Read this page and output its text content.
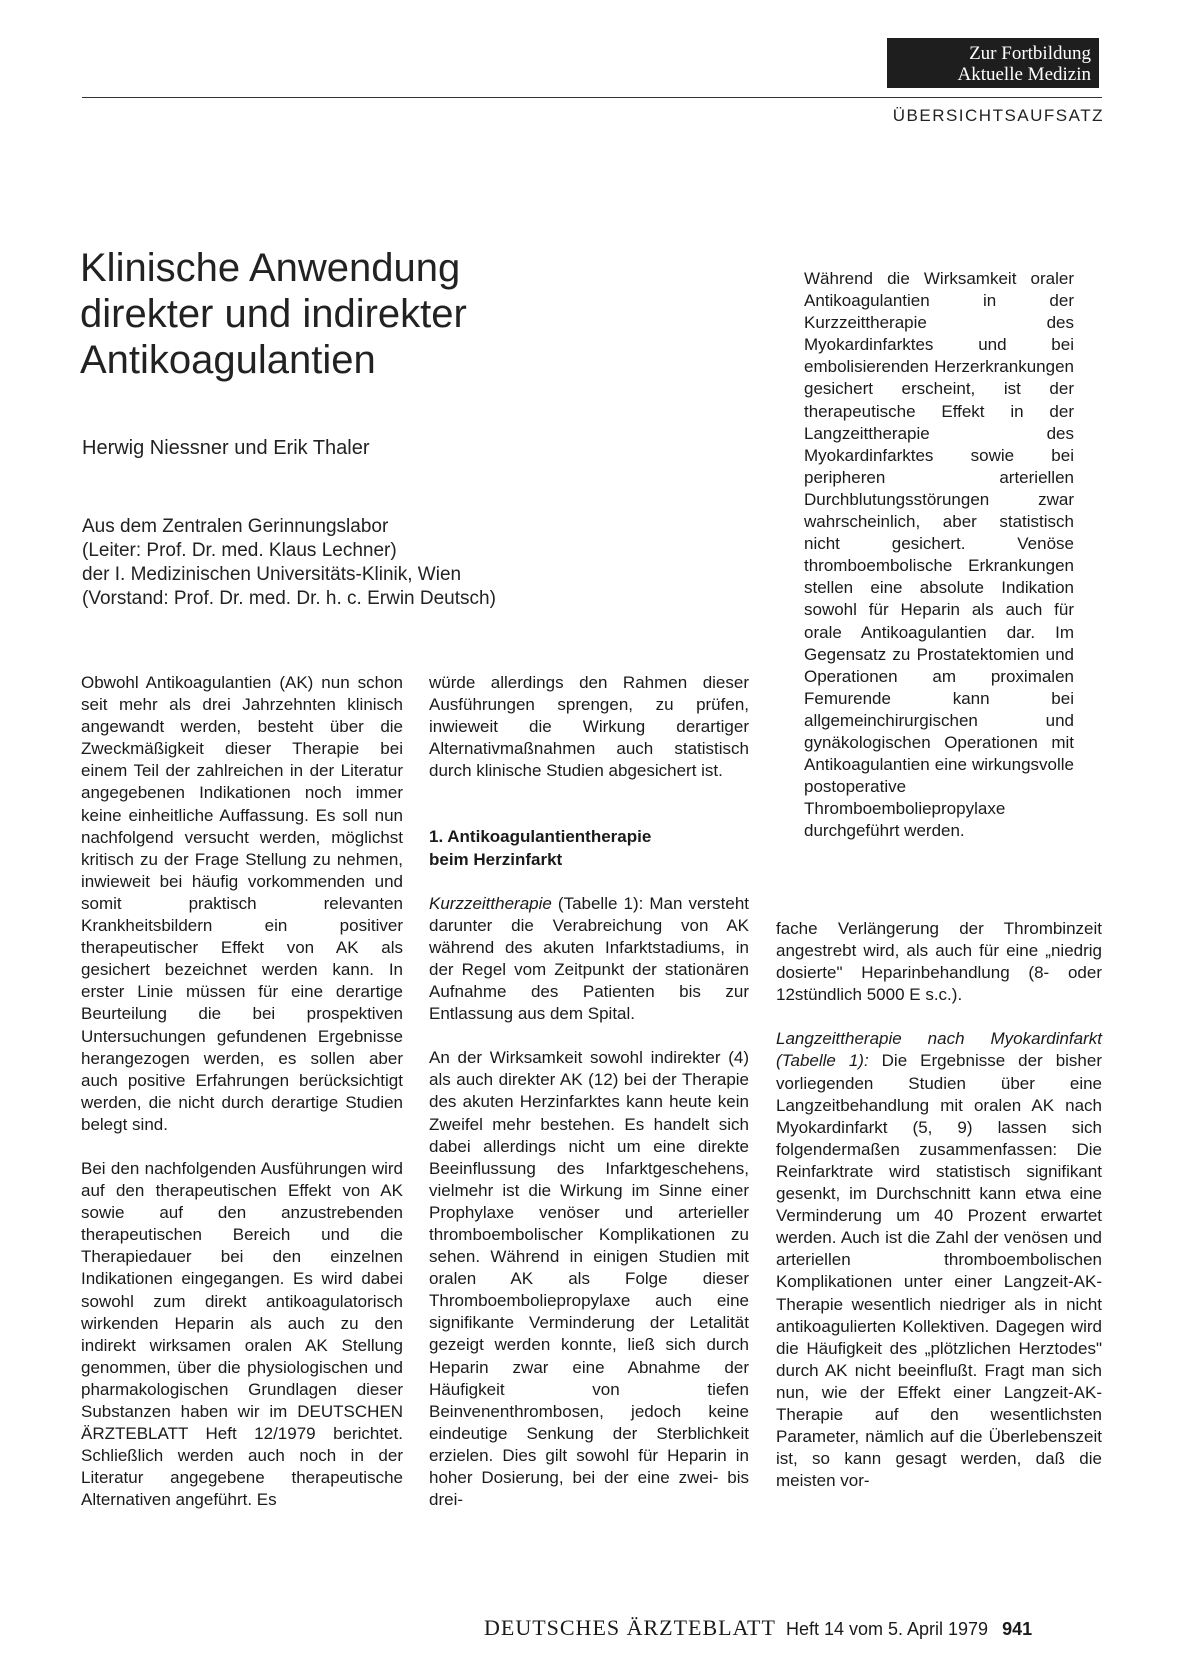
Zur Fortbildung
Aktuelle Medizin
ÜBERSICHTSAUFSATZ
Klinische Anwendung
direkter und indirekter
Antikoagulantien
Herwig Niessner und Erik Thaler
Aus dem Zentralen Gerinnungslabor
(Leiter: Prof. Dr. med. Klaus Lechner)
der I. Medizinischen Universitäts-Klinik, Wien
(Vorstand: Prof. Dr. med. Dr. h. c. Erwin Deutsch)

Obwohl Antikoagulantien (AK) nun schon seit mehr als drei Jahrzehnten klinisch angewandt werden, besteht über die Zweckmäßigkeit dieser Therapie bei einem Teil der zahlreichen in der Literatur angegebenen Indikationen noch immer keine einheitliche Auffassung. Es soll nun nachfolgend versucht werden, möglichst kritisch zu der Frage Stellung zu nehmen, inwieweit bei häufig vorkommenden und somit praktisch relevanten Krankheitsbildern ein positiver therapeutischer Effekt von AK als gesichert bezeichnet werden kann. In erster Linie müssen für eine derartige Beurteilung die bei prospektiven Untersuchungen gefundenen Ergebnisse herangezogen werden, es sollen aber auch positive Erfahrungen berücksichtigt werden, die nicht durch derartige Studien belegt sind.

Bei den nachfolgenden Ausführungen wird auf den therapeutischen Effekt von AK sowie auf den anzustrebenden therapeutischen Bereich und die Therapiedauer bei den einzelnen Indikationen eingegangen. Es wird dabei sowohl zum direkt antikoagulatorisch wirkenden Heparin als auch zu den indirekt wirksamen oralen AK Stellung genommen, über die physiologischen und pharmakologischen Grundlagen dieser Substanzen haben wir im DEUTSCHEN ÄRZTEBLATT Heft 12/1979 berichtet. Schließlich werden auch noch in der Literatur angegebene therapeutische Alternativen angeführt. Es

würde allerdings den Rahmen dieser Ausführungen sprengen, zu prüfen, inwieweit die Wirkung derartiger Alternativmaßnahmen auch statistisch durch klinische Studien abgesichert ist.

1. Antikoagulantientherapie
beim Herzinfarkt

Kurzzeittherapie (Tabelle 1): Man versteht darunter die Verabreichung von AK während des akuten Infarktstadiums, in der Regel vom Zeitpunkt der stationären Aufnahme des Patienten bis zur Entlassung aus dem Spital.

An der Wirksamkeit sowohl indirekter (4) als auch direkter AK (12) bei der Therapie des akuten Herzinfarktes kann heute kein Zweifel mehr bestehen. Es handelt sich dabei allerdings nicht um eine direkte Beeinflussung des Infarktgeschehens, vielmehr ist die Wirkung im Sinne einer Prophylaxe venöser und arterieller thromboembolischer Komplikationen zu sehen. Während in einigen Studien mit oralen AK als Folge dieser Thromboemboliepropylaxe auch eine signifikante Verminderung der Letalität gezeigt werden konnte, ließ sich durch Heparin zwar eine Abnahme der Häufigkeit von tiefen Beinvenenthrombosen, jedoch keine eindeutige Senkung der Sterblichkeit erzielen. Dies gilt sowohl für Heparin in hoher Dosierung, bei der eine zwei- bis drei-

fache Verlängerung der Thrombinzeit angestrebt wird, als auch für eine „niedrig dosierte" Heparinbehandlung (8- oder 12stündlich 5000 E s.c.).

Langzeittherapie nach Myokardinfarkt (Tabelle 1): Die Ergebnisse der bisher vorliegenden Studien über eine Langzeitbehandlung mit oralen AK nach Myokardinfarkt (5, 9) lassen sich folgendermaßen zusammenfassen: Die Reinfarktrate wird statistisch signifikant gesenkt, im Durchschnitt kann etwa eine Verminderung um 40 Prozent erwartet werden. Auch ist die Zahl der venösen und arteriellen thromboembolischen Komplikationen unter einer Langzeit-AK-Therapie wesentlich niedriger als in nicht antikoagulierten Kollektiven. Dagegen wird die Häufigkeit des „plötzlichen Herztodes" durch AK nicht beeinflußt. Fragt man sich nun, wie der Effekt einer Langzeit-AK-Therapie auf den wesentlichsten Parameter, nämlich auf die Überlebenszeit ist, so kann gesagt werden, daß die meisten vor-

Während die Wirksamkeit oraler Antikoagulantien in der Kurzzeittherapie des Myokardinfarktes und bei embolisierenden Herzerkrankungen gesichert erscheint, ist der therapeutische Effekt in der Langzeittherapie des Myokardinfarktes sowie bei peripheren arteriellen Durchblutungsstörungen zwar wahrscheinlich, aber statistisch nicht gesichert. Venöse thromboembolische Erkrankungen stellen eine absolute Indikation sowohl für Heparin als auch für orale Antikoagulantien dar. Im Gegensatz zu Prostatektomien und Operationen am proximalen Femurende kann bei allgemeinchirurgischen und gynäkologischen Operationen mit Antikoagulantien eine wirkungsvolle postoperative Thromboemboliepropylaxe durchgeführt werden.

DEUTSCHES ÄRZTEBLATT Heft 14 vom 5. April 1979 941
